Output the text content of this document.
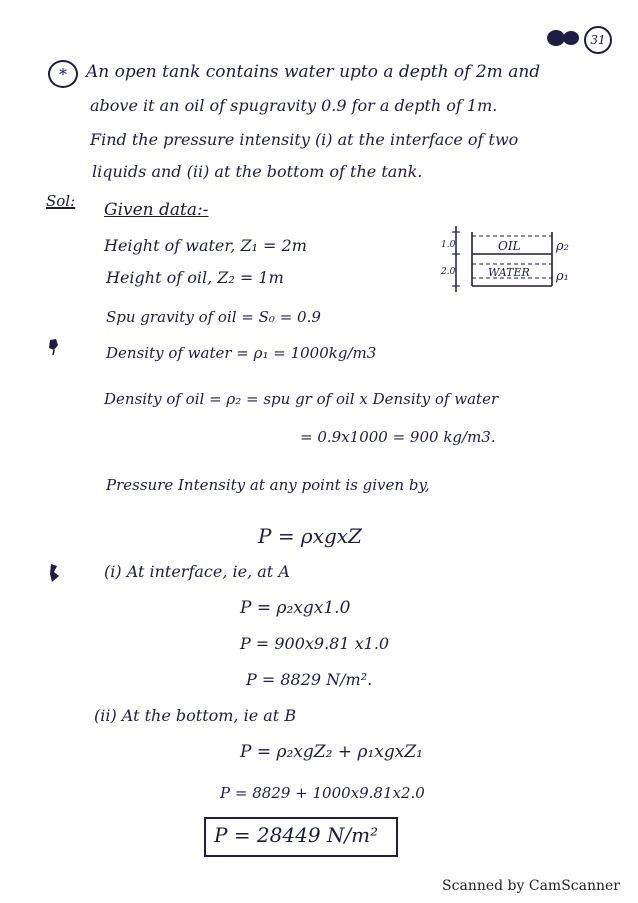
31
*	An open tank contains water upto a depth of 2m and
above it an oil of spugravity 0.9 for a depth of 1m.
Find the pressure intensity (i) at the interface of two
liquids and (ii) at the bottom of the tank.
Sol: Given data:-
Height of water, Z₁ = 2m
Height of oil, Z₂ = 1m
Spu gravity of oil = S₀ = 0.9
Density of water = ρ₁ = 1000kg/m3
Density of oil = ρ₂ = spu gr of oil x Density of water
= 0.9x1000 = 900 kg/m3.
Pressure Intensity at any point is given by,
P = ρxgxZ
(i) At interface, ie, at A
P = ρ₂xgx1.0
P = 900x9.81 x1.0
P = 8829 N/m².
(ii) At the bottom, ie at B
P = ρ₂xgZ₂ + ρ₁xgxZ₁
P = 8829 + 1000x9.81x2.0
P = 28449 N/m²
1.0
2.0
OIL
WATER
ρ₂
ρ₁
Scanned by CamScanner
